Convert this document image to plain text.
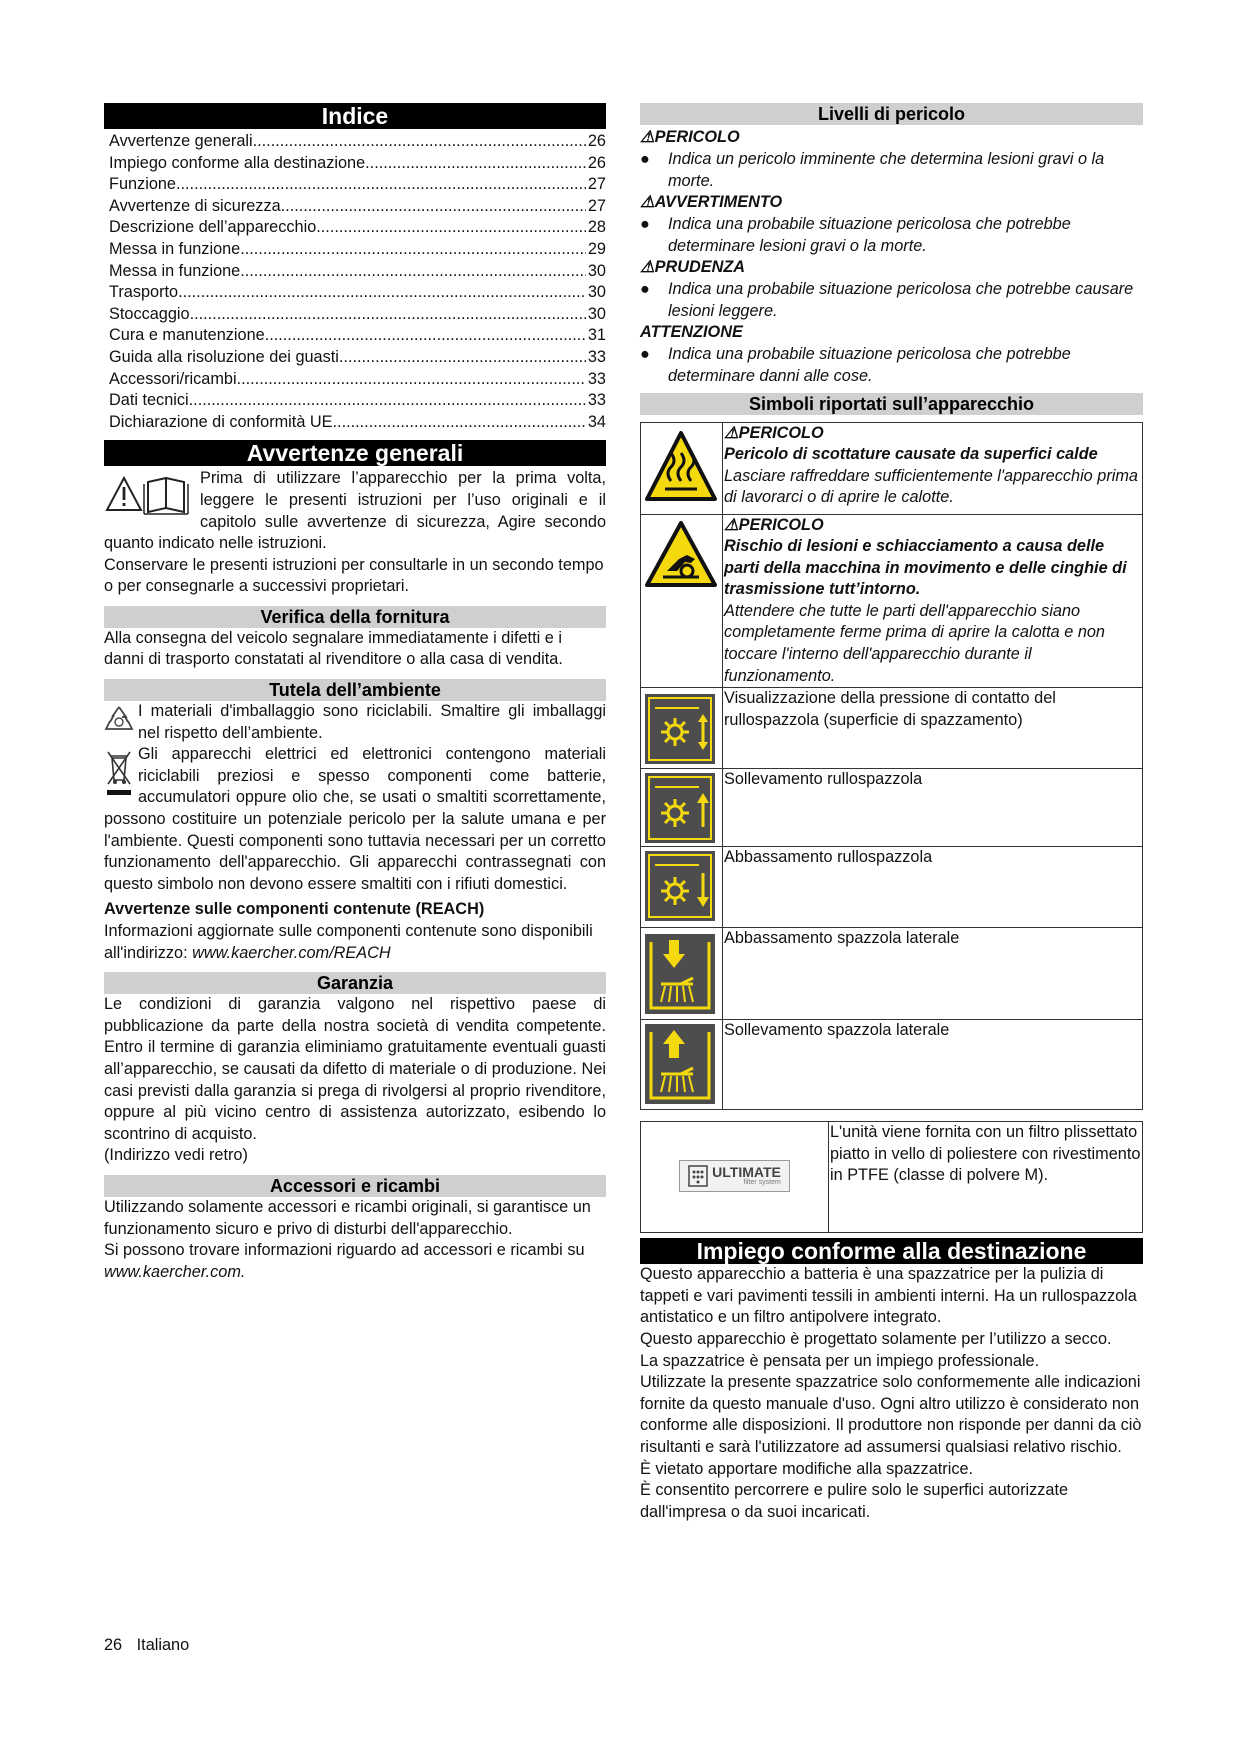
Indice
Avvertenze generali .....	26
Impiego conforme alla destinazione .....	26
Funzione .....	27
Avvertenze di sicurezza .....	27
Descrizione dell’apparecchio .....	28
Messa in funzione .....	29
Messa in funzione .....	30
Trasporto .....	30
Stoccaggio .....	30
Cura e manutenzione .....	31
Guida alla risoluzione dei guasti .....	33
Accessori/ricambi .....	33
Dati tecnici .....	33
Dichiarazione di conformità UE .....	34
Avvertenze generali
Prima di utilizzare l’apparecchio per la prima volta, leggere le presenti istruzioni per l’uso originali e il capitolo sulle avvertenze di sicurezza, Agire secondo quanto indicato nelle istruzioni.
Conservare le presenti istruzioni per consultarle in un secondo tempo o per consegnarle a successivi proprietari.
Verifica della fornitura
Alla consegna del veicolo segnalare immediatamente i difetti e i danni di trasporto constatati al rivenditore o alla casa di vendita.
Tutela dell’ambiente
I materiali d'imballaggio sono riciclabili. Smaltire gli imballaggi nel rispetto dell’ambiente.
Gli apparecchi elettrici ed elettronici contengono materiali riciclabili preziosi e spesso componenti come batterie, accumulatori oppure olio che, se usati o smaltiti scorrettamente, possono costituire un potenziale pericolo per la salute umana e per l'ambiente. Questi componenti sono tuttavia necessari per un corretto funzionamento dell'apparecchio. Gli apparecchi contrassegnati con questo simbolo non devono essere smaltiti con i rifiuti domestici.
Avvertenze sulle componenti contenute (REACH)
Informazioni aggiornate sulle componenti contenute sono disponibili all'indirizzo: www.kaercher.com/REACH
Garanzia
Le condizioni di garanzia valgono nel rispettivo paese di pubblicazione da parte della nostra società di vendita competente. Entro il termine di garanzia eliminiamo gratuitamente eventuali guasti all’apparecchio, se causati da difetto di materiale o di produzione. Nei casi previsti dalla garanzia si prega di rivolgersi al proprio rivenditore, oppure al più vicino centro di assistenza autorizzato, esibendo lo scontrino di acquisto.
(Indirizzo vedi retro)
Accessori e ricambi
Utilizzando solamente accessori e ricambi originali, si garantisce un funzionamento sicuro e privo di disturbi dell'apparecchio.
Si possono trovare informazioni riguardo ad accessori e ricambi su www.kaercher.com.
Livelli di pericolo
⚠PERICOLO
●	Indica un pericolo imminente che determina lesioni gravi o la morte.
⚠AVVERTIMENTO
●	Indica una probabile situazione pericolosa che potrebbe determinare lesioni gravi o la morte.
⚠PRUDENZA
●	Indica una probabile situazione pericolosa che potrebbe causare lesioni leggere.
ATTENZIONE
●	Indica una probabile situazione pericolosa che potrebbe determinare danni alle cose.
Simboli riportati sull’apparecchio

⚠PERICOLO
Pericolo di scottature causate da superfici calde
Lasciare raffreddare sufficientemente l'apparecchio prima di lavorarci o di aprire le calotte.

⚠PERICOLO
Rischio di lesioni e schiacciamento a causa delle parti della macchina in movimento e delle cinghie di trasmissione tutt’intorno.
Attendere che tutte le parti dell'apparecchio siano completamente ferme prima di aprire la calotta e non toccare l'interno dell'apparecchio durante il funzionamento.

	Visualizzazione della pressione di contatto del rullospazzola (superficie di spazzamento)

	Sollevamento rullospazzola

	Abbassamento rullospazzola

	Abbassamento spazzola laterale

	Sollevamento spazzola laterale
ULTIMATE
filter system
	L'unità viene fornita con un filtro plissettato piatto in vello di poliestere con rivestimento in PTFE (classe di polvere M).
Impiego conforme alla destinazione
Questo apparecchio a batteria è una spazzatrice per la pulizia di tappeti e vari pavimenti tessili in ambienti interni. Ha un rullospazzola antistatico e un filtro antipolvere integrato.
Questo apparecchio è progettato solamente per l’utilizzo a secco.
La spazzatrice è pensata per un impiego professionale.
Utilizzate la presente spazzatrice solo conformemente alle indicazioni fornite da questo manuale d'uso. Ogni altro utilizzo è considerato non conforme alle disposizioni. Il produttore non risponde per danni da ciò risultanti e sarà l'utilizzatore ad assumersi qualsiasi relativo rischio.
È vietato apportare modifiche alla spazzatrice.
È consentito percorrere e pulire solo le superfici autorizzate dall'impresa o da suoi incaricati.
26 Italiano
